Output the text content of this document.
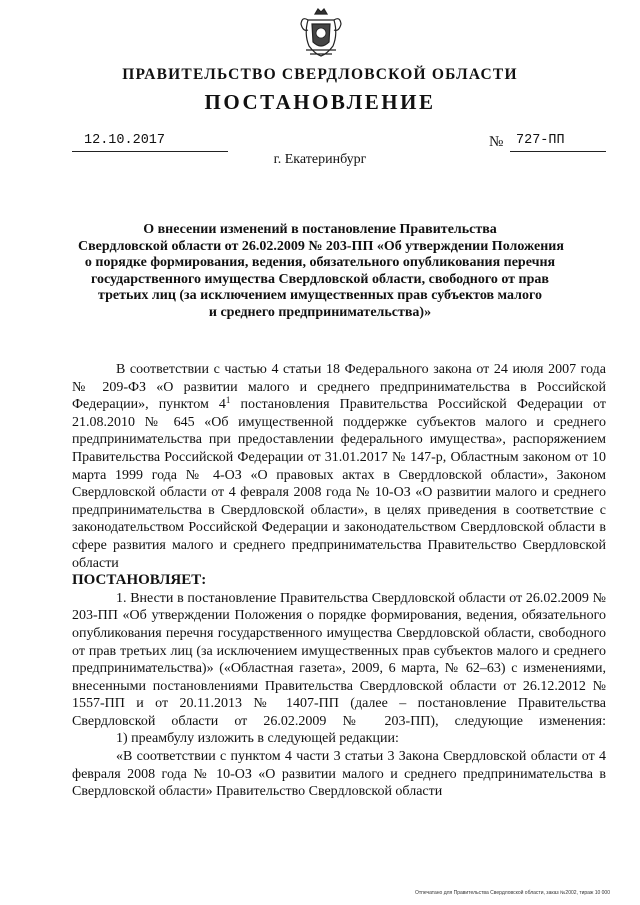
ПРАВИТЕЛЬСТВО СВЕРДЛОВСКОЙ ОБЛАСТИ
ПОСТАНОВЛЕНИЕ
12.10.2017	№ 727-ПП
г. Екатеринбург
О внесении изменений в постановление Правительства
Свердловской области от 26.02.2009 № 203-ПП «Об утверждении Положения
о порядке формирования, ведения, обязательного опубликования перечня
государственного имущества Свердловской области, свободного от прав
третьих лиц (за исключением имущественных прав субъектов малого
и среднего предпринимательства)»

В соответствии с частью 4 статьи 18 Федерального закона от 24 июля 2007 года № 209-ФЗ «О развитии малого и среднего предпринимательства в Российской Федерации», пунктом $4^1$ постановления Правительства Российской Федерации от 21.08.2010 № 645 «Об имущественной поддержке субъектов малого и среднего предпринимательства при предоставлении федерального имущества», распоряжением Правительства Российской Федерации от 31.01.2017 № 147-р, Областным законом от 10 марта 1999 года № 4-ОЗ «О правовых актах в Свердловской области», Законом Свердловской области от 4 февраля 2008 года № 10-ОЗ «О развитии малого и среднего предпринимательства в Свердловской области», в целях приведения в соответствие с законодательством Российской Федерации и законодательством Свердловской области в сфере развития малого и среднего предпринимательства Правительство Свердловской области

ПОСТАНОВЛЯЕТ:

1. Внести в постановление Правительства Свердловской области от 26.02.2009 № 203-ПП «Об утверждении Положения о порядке формирования, ведения, обязательного опубликования перечня государственного имущества Свердловской области, свободного от прав третьих лиц (за исключением имущественных прав субъектов малого и среднего предпринимательства)» («Областная газета», 2009, 6 марта, № 62–63) с изменениями, внесенными постановлениями Правительства Свердловской области от 26.12.2012 № 1557-ПП и от 20.11.2013 № 1407-ПП (далее – постановление Правительства Свердловской области от 26.02.2009 № 203-ПП), следующие изменения:

1) преамбулу изложить в следующей редакции:

«В соответствии с пунктом 4 части 3 статьи 3 Закона Свердловской области от 4 февраля 2008 года № 10-ОЗ «О развитии малого и среднего предпринимательства в Свердловской области» Правительство Свердловской области

Отпечатано для Правительства Свердловской области, заказ №2002, тираж 10 000
